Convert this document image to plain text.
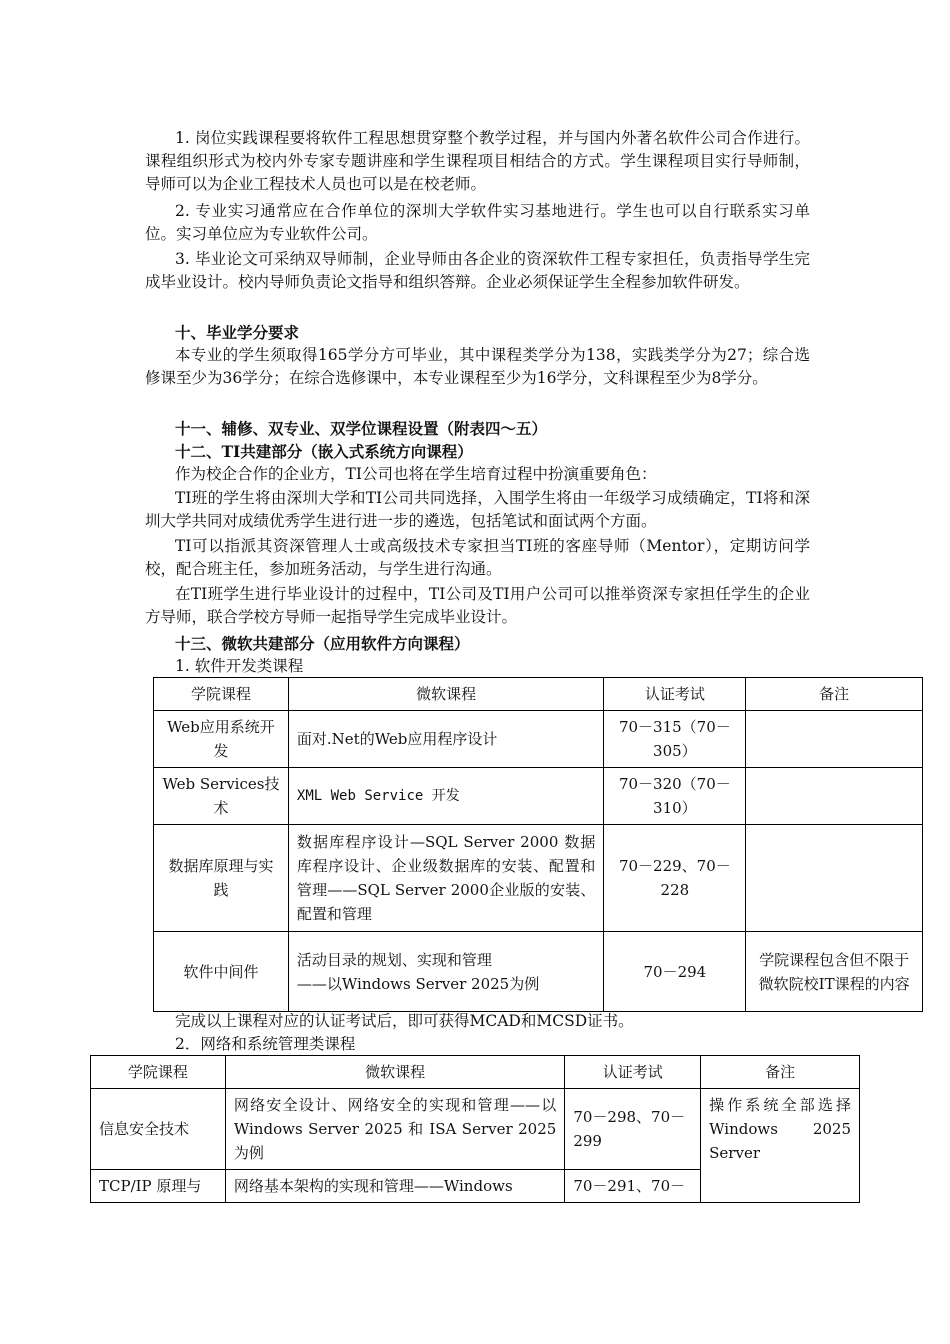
1. 岗位实践课程要将软件工程思想贯穿整个教学过程，并与国内外著名软件公司合作进行。课程组织形式为校内外专家专题讲座和学生课程项目相结合的方式。学生课程项目实行导师制，导师可以为企业工程技术人员也可以是在校老师。

2. 专业实习通常应在合作单位的深圳大学软件实习基地进行。学生也可以自行联系实习单位。实习单位应为专业软件公司。

3. 毕业论文可采纳双导师制，企业导师由各企业的资深软件工程专家担任，负责指导学生完成毕业设计。校内导师负责论文指导和组织答辩。企业必须保证学生全程参加软件研发。

十、毕业学分要求

本专业的学生须取得165学分方可毕业，其中课程类学分为138，实践类学分为27；综合选修课至少为36学分；在综合选修课中，本专业课程至少为16学分，文科课程至少为8学分。

十一、辅修、双专业、双学位课程设置（附表四～五）

十二、TI共建部分（嵌入式系统方向课程）

作为校企合作的企业方，TI公司也将在学生培育过程中扮演重要角色：

TI班的学生将由深圳大学和TI公司共同选择，入围学生将由一年级学习成绩确定，TI将和深圳大学共同对成绩优秀学生进行进一步的遴选，包括笔试和面试两个方面。

TI可以指派其资深管理人士或高级技术专家担当TI班的客座导师（Mentor），定期访问学校，配合班主任，参加班务活动，与学生进行沟通。

在TI班学生进行毕业设计的过程中，TI公司及TI用户公司可以推举资深专家担任学生的企业方导师，联合学校方导师一起指导学生完成毕业设计。

十三、微软共建部分（应用软件方向课程）

1. 软件开发类课程

学院课程	微软课程	认证考试	备注
Web应用系统开发	面对.Net的Web应用程序设计	70－315（70－305）	
Web Services技术	XML Web Service 开发	70－320（70－310）	
数据库原理与实践	数据库程序设计—SQL Server 2000 数据库程序设计、企业级数据库的安装、配置和管理——SQL Server 2000企业版的安装、配置和管理	70－229、70－228	
软件中间件	活动目录的规划、实现和管理
——以Windows Server 2025为例	70－294	学院课程包含但不限于微软院校IT课程的内容

完成以上课程对应的认证考试后，即可获得MCAD和MCSD证书。

2．网络和系统管理类课程

学院课程	微软课程	认证考试	备注
信息安全技术	网络安全设计、网络安全的实现和管理——以 Windows Server 2025 和 ISA Server 2025为例	70－298、70－299	操作系统全部选择Windows 2025 Server
TCP/IP 原理与	网络基本架构的实现和管理——Windows	70－291、70－	
